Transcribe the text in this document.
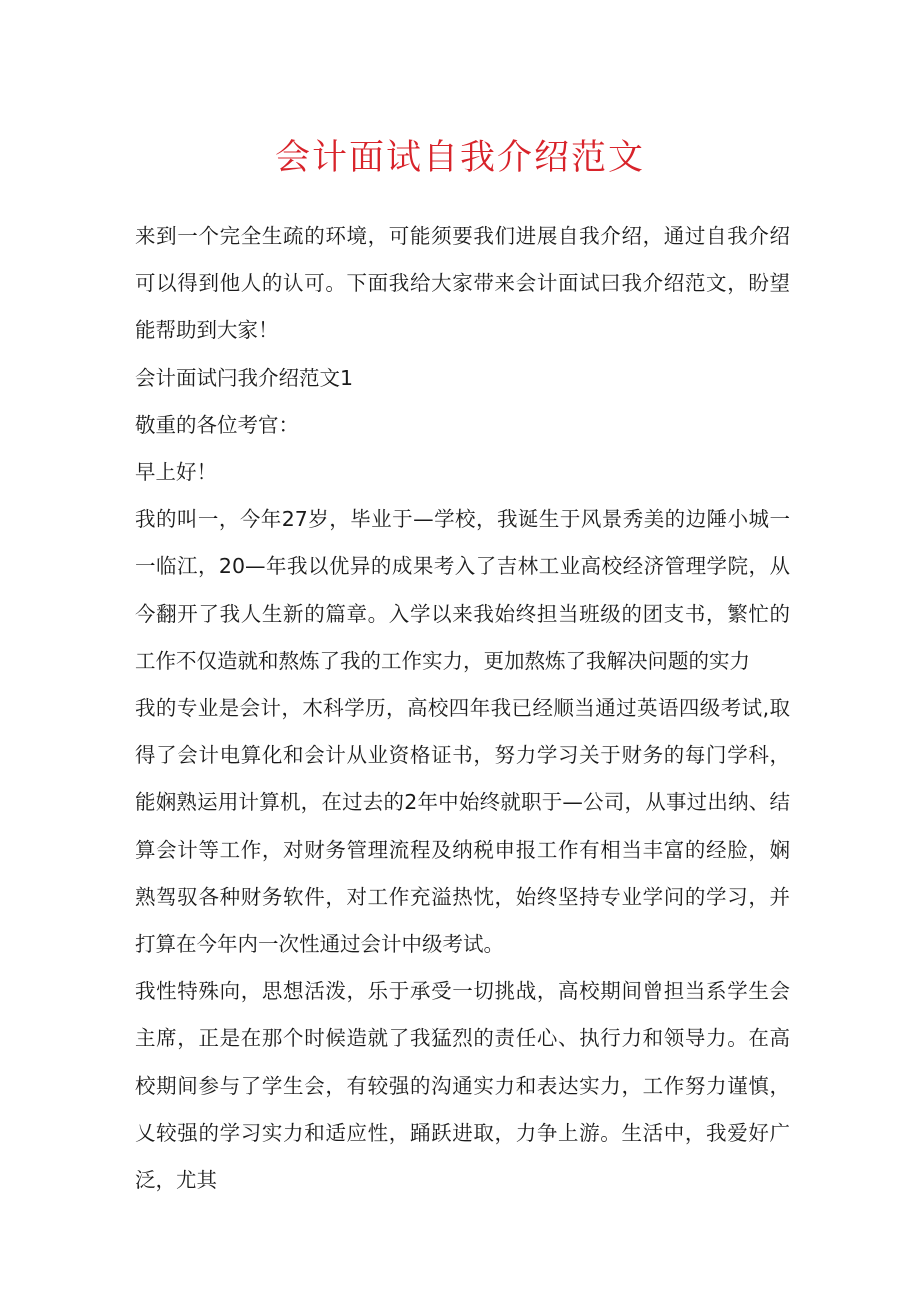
会计面试自我介绍范文

来到一个完全生疏的环境，可能须要我们进展自我介绍，通过自我介绍可以得到他人的认可。下面我给大家带来会计面试曰我介绍范文，盼望能帮助到大家！

会计面试闩我介绍范文1

敬重的各位考官：

早上好！

我的叫一，今年27岁，毕业于—学校，我诞生于风景秀美的边陲小城一一临江，20—年我以优异的成果考入了吉林工业高校经济管理学院，从今翻开了我人生新的篇章。入学以来我始终担当班级的团支书，繁忙的工作不仅造就和熬炼了我的工作实力，更加熬炼了我解决问题的实力

我的专业是会计，木科学历，高校四年我已经顺当通过英语四级考试,取得了会计电算化和会计从业资格证书，努力学习关于财务的每门学科，能娴熟运用计算机，在过去的2年中始终就职于—公司，从事过出纳、结算会计等工作，对财务管理流程及纳税申报工作有相当丰富的经脸，娴熟驾驭各种财务软件，对工作充溢热忱，始终坚持专业学问的学习，并打算在今年内一次性通过会计中级考试。

我性特殊向，思想活泼，乐于承受一切挑战，高校期间曾担当系学生会主席，正是在那个时候造就了我猛烈的责任心、执行力和领导力。在高校期间参与了学生会，有较强的沟通实力和表达实力，工作努力谨慎，乂较强的学习实力和适应性，踊跃进取，力争上游。生活中，我爱好广泛，尤其
